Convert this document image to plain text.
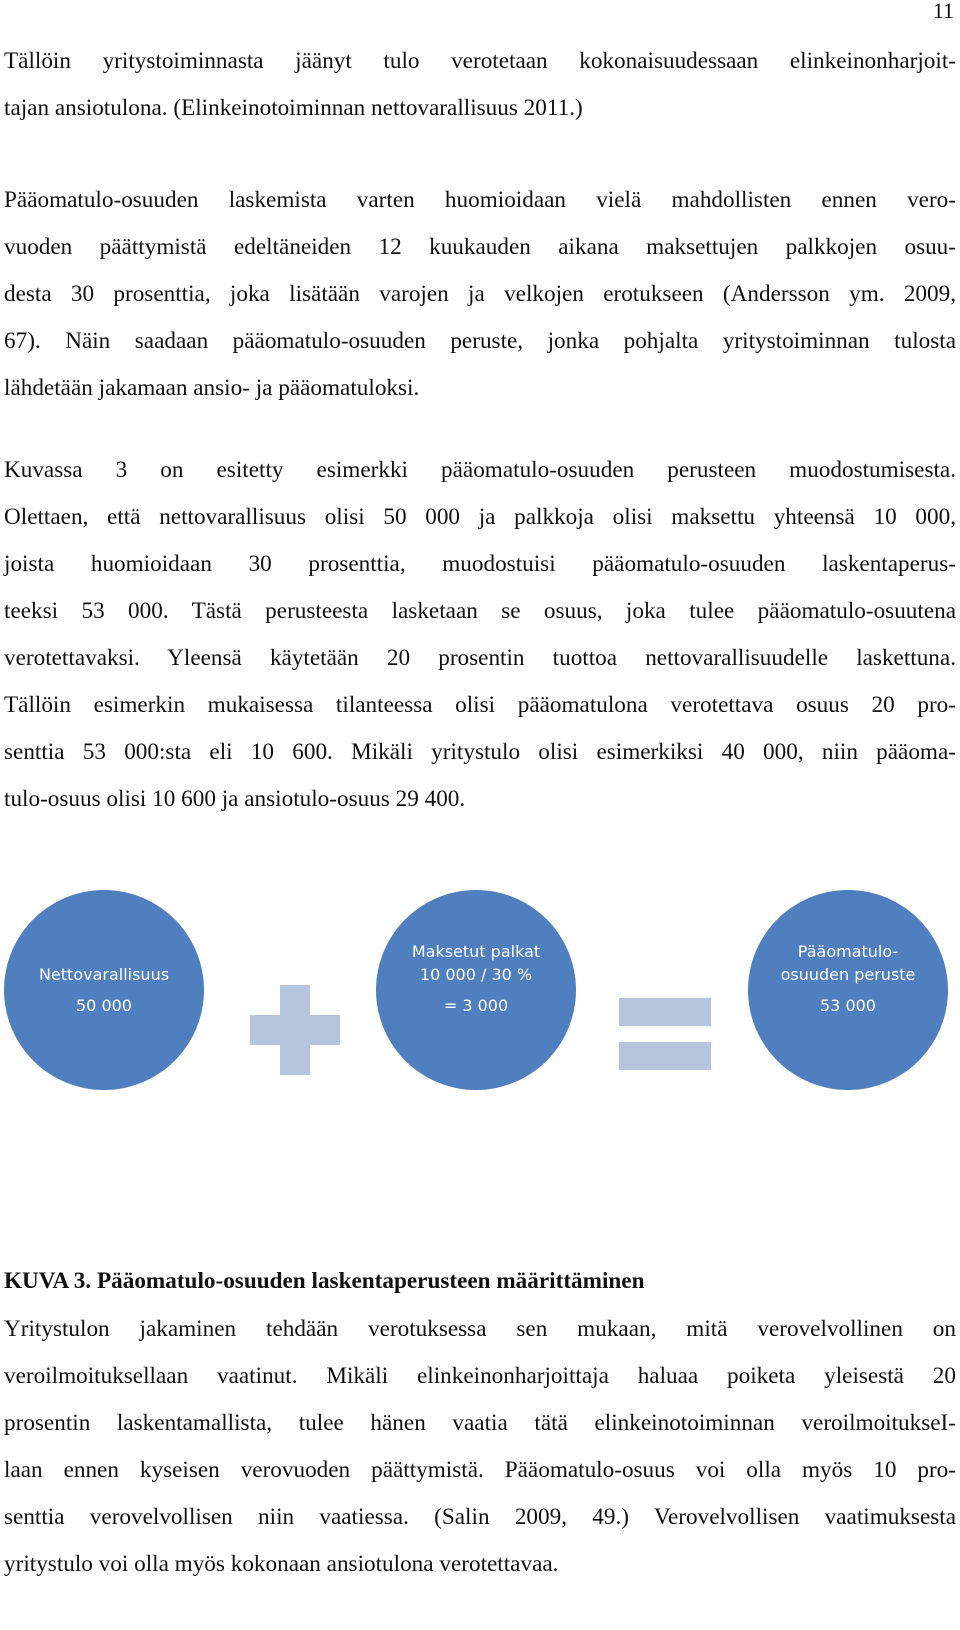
11
Tällöin yritystoiminnasta jäänyt tulo verotetaan kokonaisuudessaan elinkeinonharjoit-
tajan ansiotulona. (Elinkeinotoiminnan nettovarallisuus 2011.)
Pääomatulo-osuuden laskemista varten huomioidaan vielä mahdollisten ennen vero-
vuoden päättymistä edeltäneiden 12 kuukauden aikana maksettujen palkkojen osuu-
desta 30 prosenttia, joka lisätään varojen ja velkojen erotukseen (Andersson ym. 2009,
67). Näin saadaan pääomatulo-osuuden peruste, jonka pohjalta yritystoiminnan tulosta
lähdetään jakamaan ansio- ja pääomatuloksi.
Kuvassa 3 on esitetty esimerkki pääomatulo-osuuden perusteen muodostumisesta.
Olettaen, että nettovarallisuus olisi 50 000 ja palkkoja olisi maksettu yhteensä 10 000,
joista huomioidaan 30 prosenttia, muodostuisi pääomatulo-osuuden laskentaperus-
teeksi 53 000. Tästä perusteesta lasketaan se osuus, joka tulee pääomatulo-osuutena
verotettavaksi. Yleensä käytetään 20 prosentin tuottoa nettovarallisuudelle laskettuna.
Tällöin esimerkin mukaisessa tilanteessa olisi pääomatulona verotettava osuus 20 pro-
senttia 53 000:sta eli 10 600. Mikäli yritystulo olisi esimerkiksi 40 000, niin pääoma-
tulo-osuus olisi 10 600 ja ansiotulo-osuus 29 400.
Nettovarallisuus
50 000
Maksetut palkat
10 000 / 30 %
= 3 000
Pääomatulo-
osuuden peruste
53 000

KUVA 3. Pääomatulo-osuuden laskentaperusteen määrittäminen

Yritystulon jakaminen tehdään verotuksessa sen mukaan, mitä verovelvollinen on
veroilmoituksellaan vaatinut. Mikäli elinkeinonharjoittaja haluaa poiketa yleisestä 20
prosentin laskentamallista, tulee hänen vaatia tätä elinkeinotoiminnan veroilmoitukseI-
laan ennen kyseisen verovuoden päättymistä. Pääomatulo-osuus voi olla myös 10 pro-
senttia verovelvollisen niin vaatiessa. (Salin 2009, 49.) Verovelvollisen vaatimuksesta
yritystulo voi olla myös kokonaan ansiotulona verotettavaa.
